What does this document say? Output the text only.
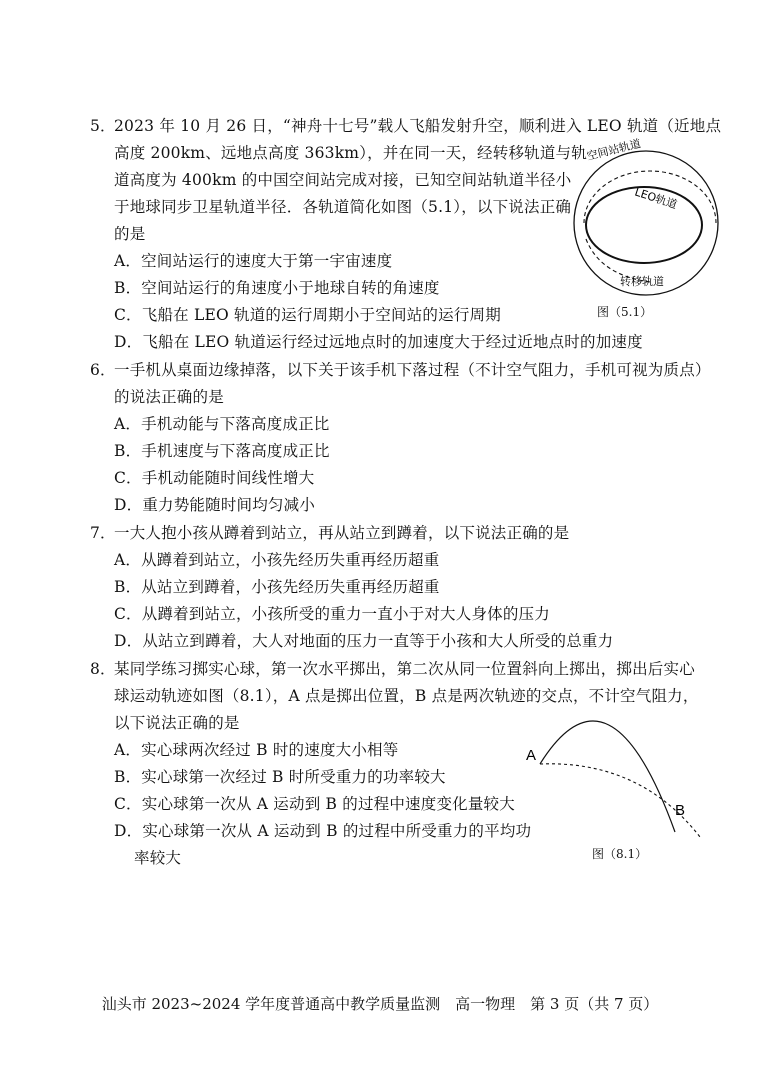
5．
2023 年 10 月 26 日，“神舟十七号”载人飞船发射升空，顺利进入 LEO 轨道（近地点
高度 200km、远地点高度 363km），并在同一天，经转移轨道与轨
道高度为 400km 的中国空间站完成对接，已知空间站轨道半径小
于地球同步卫星轨道半径．各轨道简化如图（5.1），以下说法正确
的是
A．空间站运行的速度大于第一宇宙速度
B．空间站运行的角速度小于地球自转的角速度
C．飞船在 LEO 轨道的运行周期小于空间站的运行周期
D．飞船在 LEO 轨道运行经过远地点时的加速度大于经过近地点时的加速度
空间站轨道
LEO轨道
转移轨道
图（5.1）
6．
一手机从桌面边缘掉落，以下关于该手机下落过程（不计空气阻力，手机可视为质点）
的说法正确的是
A．手机动能与下落高度成正比
B．手机速度与下落高度成正比
C．手机动能随时间线性增大
D．重力势能随时间均匀减小
7．
一大人抱小孩从蹲着到站立，再从站立到蹲着，以下说法正确的是
A．从蹲着到站立，小孩先经历失重再经历超重
B．从站立到蹲着，小孩先经历失重再经历超重
C．从蹲着到站立，小孩所受的重力一直小于对大人身体的压力
D．从站立到蹲着，大人对地面的压力一直等于小孩和大人所受的总重力
8．
某同学练习掷实心球，第一次水平掷出，第二次从同一位置斜向上掷出，掷出后实心
球运动轨迹如图（8.1），A 点是掷出位置，B 点是两次轨迹的交点，不计空气阻力，
以下说法正确的是
A．实心球两次经过 B 时的速度大小相等
B．实心球第一次经过 B 时所受重力的功率较大
C．实心球第一次从 A 运动到 B 的过程中速度变化量较大
D．实心球第一次从 A 运动到 B 的过程中所受重力的平均功
率较大
A
B
图（8.1）
汕头市 2023~2024 学年度普通高中教学质量监测　高一物理　第 3 页（共 7 页）
